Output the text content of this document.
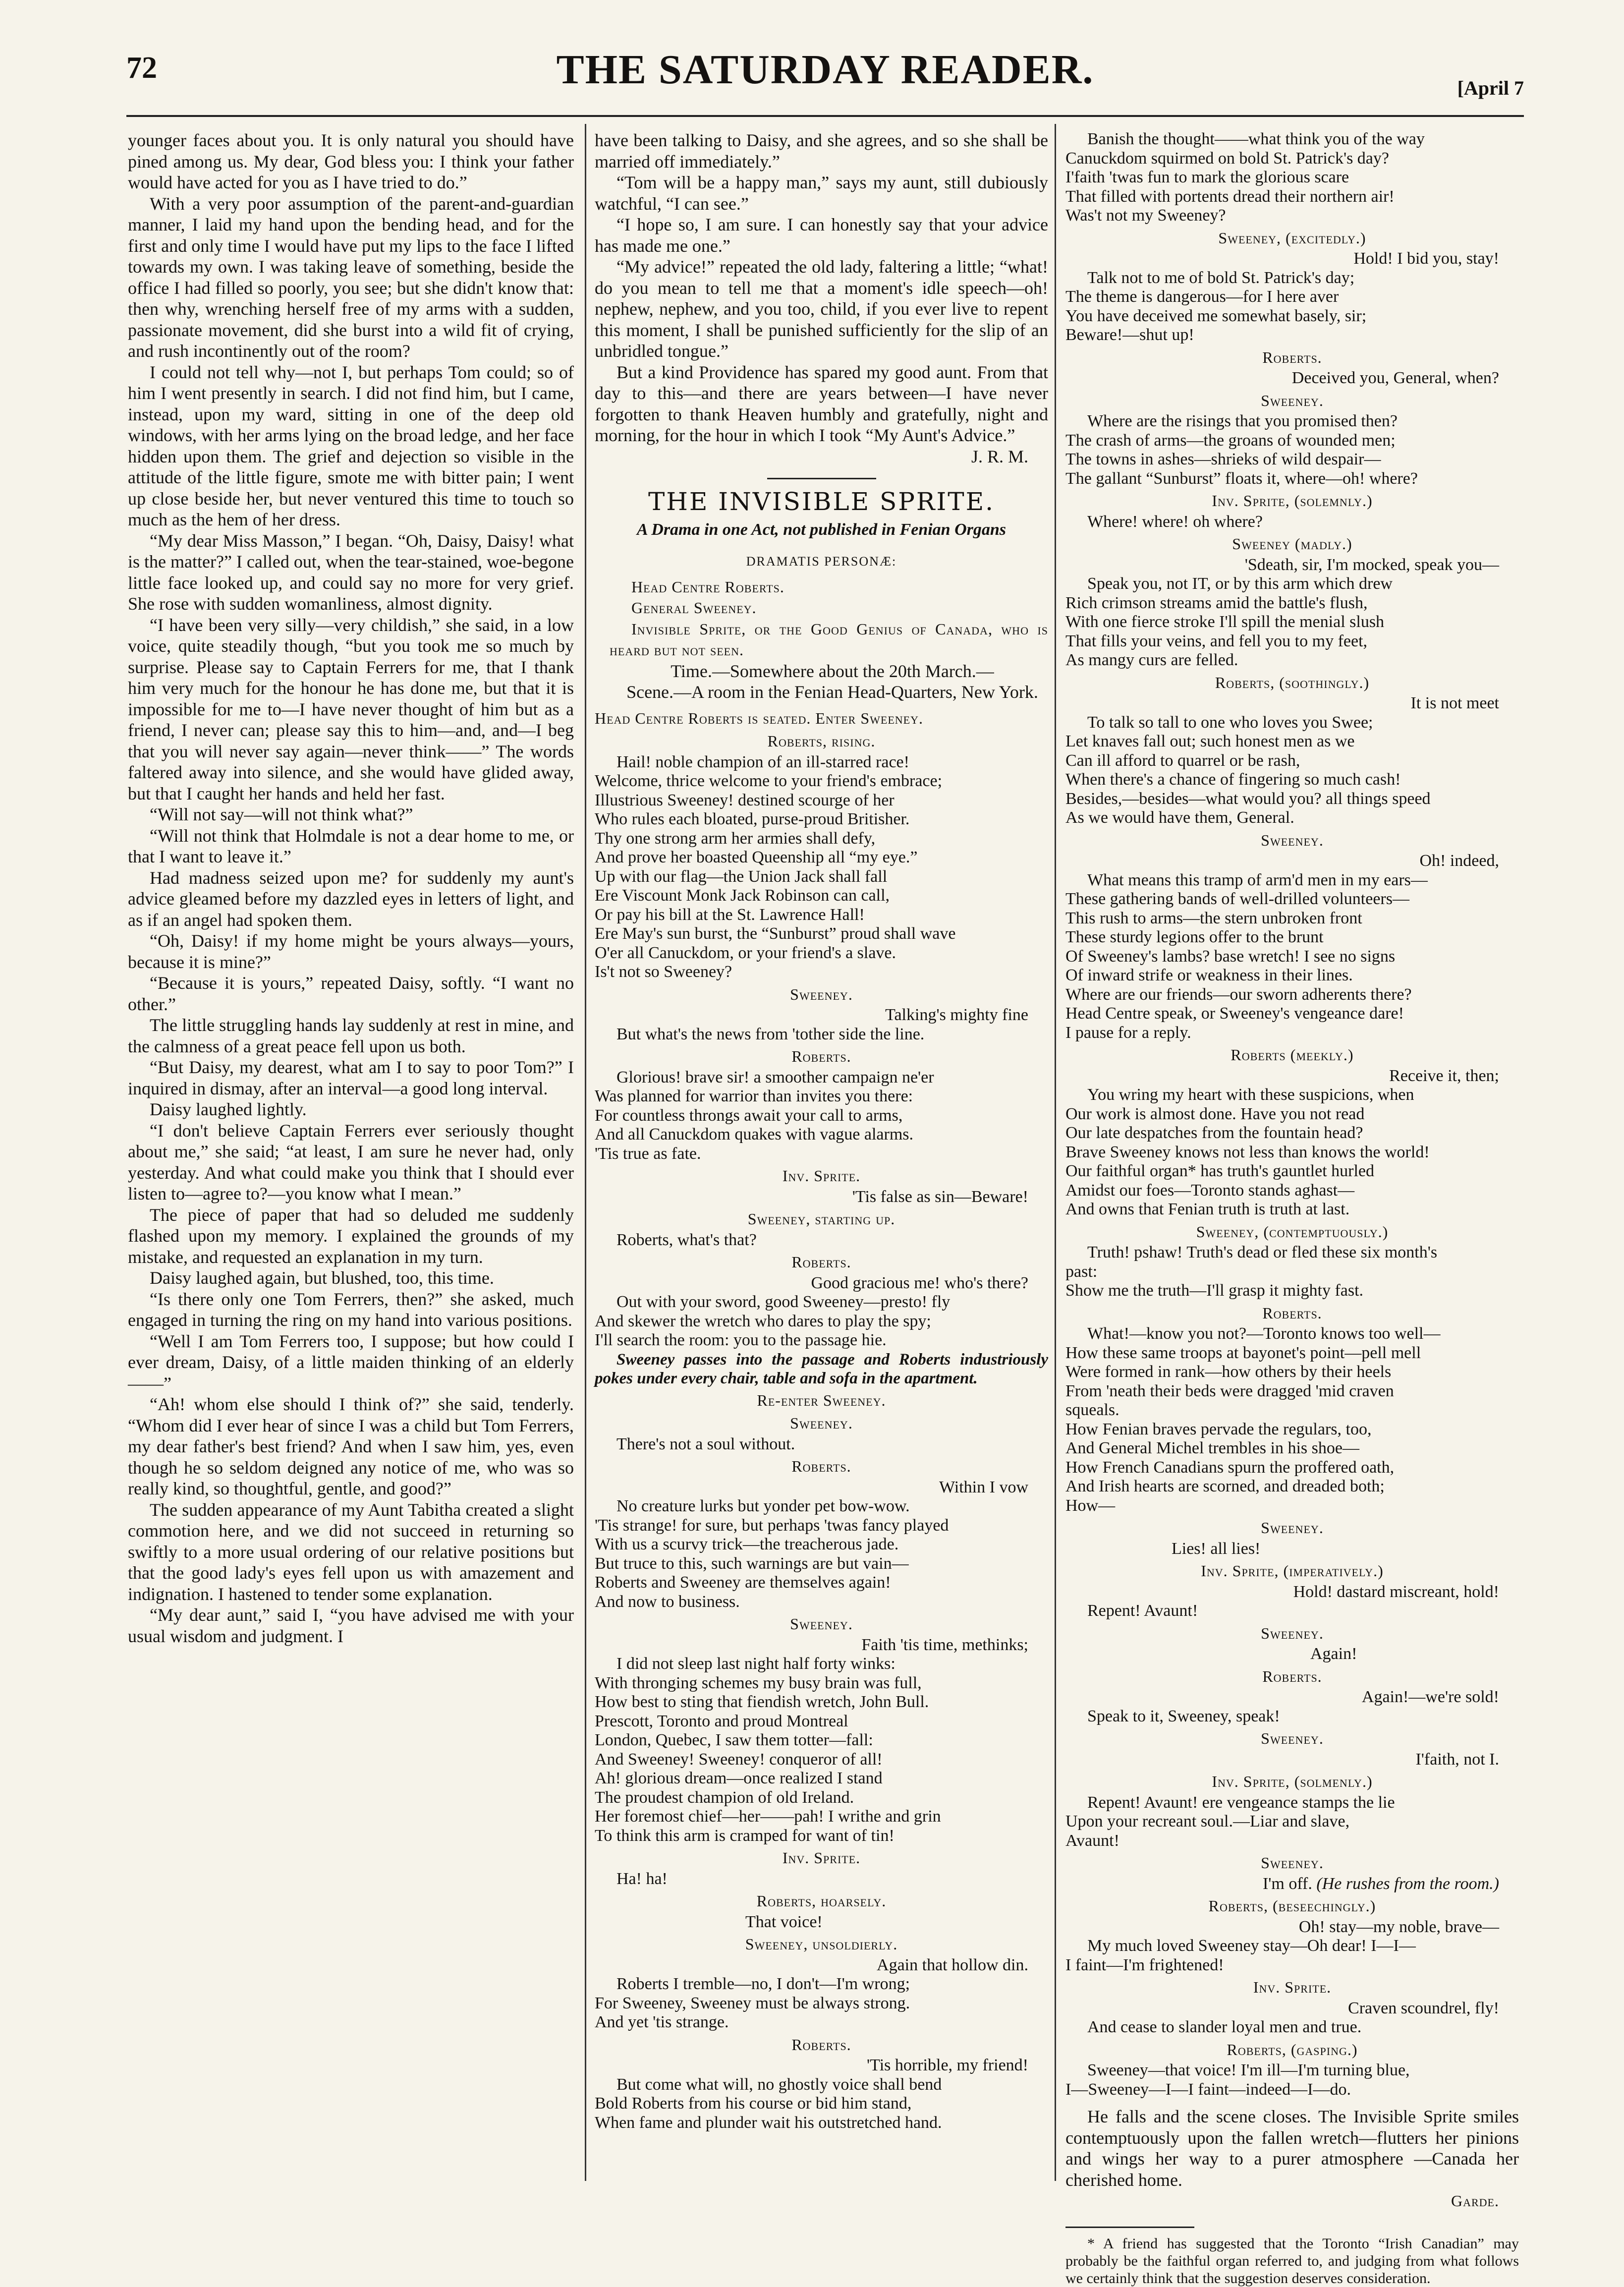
72	THE SATURDAY READER.	[April 7

younger faces about you. It is only natural you should have pined among us. My dear, God bless you: I think your father would have acted for you as I have tried to do.”

With a very poor assumption of the parent-and-guardian manner, I laid my hand upon the bending head, and for the first and only time I would have put my lips to the face I lifted towards my own. I was taking leave of something, beside the office I had filled so poorly, you see; but she didn't know that: then why, wrenching herself free of my arms with a sudden, passionate movement, did she burst into a wild fit of crying, and rush incontinently out of the room?

I could not tell why—not I, but perhaps Tom could; so of him I went presently in search. I did not find him, but I came, instead, upon my ward, sitting in one of the deep old windows, with her arms lying on the broad ledge, and her face hidden upon them. The grief and dejection so visible in the attitude of the little figure, smote me with bitter pain; I went up close beside her, but never ventured this time to touch so much as the hem of her dress.

“My dear Miss Masson,” I began. “Oh, Daisy, Daisy! what is the matter?” I called out, when the tear-stained, woe-begone little face looked up, and could say no more for very grief. She rose with sudden womanliness, almost dignity.

“I have been very silly—very childish,” she said, in a low voice, quite steadily though, “but you took me so much by surprise. Please say to Captain Ferrers for me, that I thank him very much for the honour he has done me, but that it is impossible for me to—I have never thought of him but as a friend, I never can; please say this to him—and, and—I beg that you will never say again—never think——” The words faltered away into silence, and she would have glided away, but that I caught her hands and held her fast.

“Will not say—will not think what?”

“Will not think that Holmdale is not a dear home to me, or that I want to leave it.”

Had madness seized upon me? for suddenly my aunt's advice gleamed before my dazzled eyes in letters of light, and as if an angel had spoken them.

“Oh, Daisy! if my home might be yours always—yours, because it is mine?”

“Because it is yours,” repeated Daisy, softly. “I want no other.”

The little struggling hands lay suddenly at rest in mine, and the calmness of a great peace fell upon us both.

“But Daisy, my dearest, what am I to say to poor Tom?” I inquired in dismay, after an interval—a good long interval.

Daisy laughed lightly.

“I don't believe Captain Ferrers ever seriously thought about me,” she said; “at least, I am sure he never had, only yesterday. And what could make you think that I should ever listen to—agree to?—you know what I mean.”

The piece of paper that had so deluded me suddenly flashed upon my memory. I explained the grounds of my mistake, and requested an explanation in my turn.

Daisy laughed again, but blushed, too, this time.

“Is there only one Tom Ferrers, then?” she asked, much engaged in turning the ring on my hand into various positions.

“Well I am Tom Ferrers too, I suppose; but how could I ever dream, Daisy, of a little maiden thinking of an elderly——”

“Ah! whom else should I think of?” she said, tenderly. “Whom did I ever hear of since I was a child but Tom Ferrers, my dear father's best friend? And when I saw him, yes, even though he so seldom deigned any notice of me, who was so really kind, so thoughtful, gentle, and good?”

The sudden appearance of my Aunt Tabitha created a slight commotion here, and we did not succeed in returning so swiftly to a more usual ordering of our relative positions but that the good lady's eyes fell upon us with amazement and indignation. I hastened to tender some explanation.

“My dear aunt,” said I, “you have advised me with your usual wisdom and judgment. I

have been talking to Daisy, and she agrees, and so she shall be married off immediately.”

“Tom will be a happy man,” says my aunt, still dubiously watchful, “I can see.”

“I hope so, I am sure. I can honestly say that your advice has made me one.”

“My advice!” repeated the old lady, faltering a little; “what! do you mean to tell me that a moment's idle speech—oh! nephew, nephew, and you too, child, if you ever live to repent this moment, I shall be punished sufficiently for the slip of an unbridled tongue.”

But a kind Providence has spared my good aunt. From that day to this—and there are years between—I have never forgotten to thank Heaven humbly and gratefully, night and morning, for the hour in which I took “My Aunt's Advice.”

J. R. M.

THE INVISIBLE SPRITE.
A Drama in one Act, not published in Fenian Organs
DRAMATIS PERSONÆ:

Head Centre Roberts.

General Sweeney.

Invisible Sprite, or the Good Genius of Canada, who is heard but not seen.

Time.—Somewhere about the 20th March.—

Scene.—A room in the Fenian Head-Quarters, New York.

Head Centre Roberts is seated. Enter Sweeney.

Roberts, rising.

Hail! noble champion of an ill-starred race!
Welcome, thrice welcome to your friend's embrace;
Illustrious Sweeney! destined scourge of her
Who rules each bloated, purse-proud Britisher.
Thy one strong arm her armies shall defy,
And prove her boasted Queenship all “my eye.”
Up with our flag—the Union Jack shall fall
Ere Viscount Monk Jack Robinson can call,
Or pay his bill at the St. Lawrence Hall!
Ere May's sun burst, the “Sunburst” proud shall wave
O'er all Canuckdom, or your friend's a slave.
Is't not so Sweeney?

Sweeney.

Talking's mighty fine

But what's the news from 'tother side the line.

Roberts.

Glorious! brave sir! a smoother campaign ne'er
Was planned for warrior than invites you there:
For countless throngs await your call to arms,
And all Canuckdom quakes with vague alarms.
'Tis true as fate.

Inv. Sprite.

'Tis false as sin—Beware!

Sweeney, starting up.

Roberts, what's that?

Roberts.

Good gracious me! who's there?

Out with your sword, good Sweeney—presto! fly
And skewer the wretch who dares to play the spy;
I'll search the room: you to the passage hie.

Sweeney passes into the passage and Roberts industriously pokes under every chair, table and sofa in the apartment.

Re-enter Sweeney.
Sweeney.

There's not a soul without.

Roberts.

Within I vow

No creature lurks but yonder pet bow-wow.
'Tis strange! for sure, but perhaps 'twas fancy played
With us a scurvy trick—the treacherous jade.
But truce to this, such warnings are but vain—
Roberts and Sweeney are themselves again!
And now to business.

Sweeney.

Faith 'tis time, methinks;

I did not sleep last night half forty winks:
With thronging schemes my busy brain was full,
How best to sting that fiendish wretch, John Bull.
Prescott, Toronto and proud Montreal
London, Quebec, I saw them totter—fall:
And Sweeney! Sweeney! conqueror of all!
Ah! glorious dream—once realized I stand
The proudest champion of old Ireland.
Her foremost chief—her——pah! I writhe and grin
To think this arm is cramped for want of tin!

Inv. Sprite.

Ha! ha!

Roberts, hoarsely.

That voice!

Sweeney, unsoldierly.

Again that hollow din.

Roberts I tremble—no, I don't—I'm wrong;
For Sweeney, Sweeney must be always strong.
And yet 'tis strange.

Roberts.

'Tis horrible, my friend!

But come what will, no ghostly voice shall bend
Bold Roberts from his course or bid him stand,
When fame and plunder wait his outstretched hand.

Banish the thought——what think you of the way
Canuckdom squirmed on bold St. Patrick's day?
I'faith 'twas fun to mark the glorious scare
That filled with portents dread their northern air!
Was't not my Sweeney?

Sweeney, (excitedly.)

Hold! I bid you, stay!

Talk not to me of bold St. Patrick's day;
The theme is dangerous—for I here aver
You have deceived me somewhat basely, sir;
Beware!—shut up!

Roberts.

Deceived you, General, when?

Sweeney.

Where are the risings that you promised then?
The crash of arms—the groans of wounded men;
The towns in ashes—shrieks of wild despair—
The gallant “Sunburst” floats it, where—oh! where?

Inv. Sprite, (solemnly.)

Where! where! oh where?

Sweeney (madly.)

'Sdeath, sir, I'm mocked, speak you—

Speak you, not IT, or by this arm which drew
Rich crimson streams amid the battle's flush,
With one fierce stroke I'll spill the menial slush
That fills your veins, and fell you to my feet,
As mangy curs are felled.

Roberts, (soothingly.)

It is not meet

To talk so tall to one who loves you Swee;
Let knaves fall out; such honest men as we
Can ill afford to quarrel or be rash,
When there's a chance of fingering so much cash!
Besides,—besides—what would you? all things speed
As we would have them, General.

Sweeney.

Oh! indeed,

What means this tramp of arm'd men in my ears—
These gathering bands of well-drilled volunteers—
This rush to arms—the stern unbroken front
These sturdy legions offer to the brunt
Of Sweeney's lambs? base wretch! I see no signs
Of inward strife or weakness in their lines.
Where are our friends—our sworn adherents there?
Head Centre speak, or Sweeney's vengeance dare!
I pause for a reply.

Roberts (meekly.)

Receive it, then;

You wring my heart with these suspicions, when
Our work is almost done. Have you not read
Our late despatches from the fountain head?
Brave Sweeney knows not less than knows the world!
Our faithful organ* has truth's gauntlet hurled
Amidst our foes—Toronto stands aghast—
And owns that Fenian truth is truth at last.

Sweeney, (contemptuously.)

Truth! pshaw! Truth's dead or fled these six month's
past:
Show me the truth—I'll grasp it mighty fast.

Roberts.

What!—know you not?—Toronto knows too well—
How these same troops at bayonet's point—pell mell
Were formed in rank—how others by their heels
From 'neath their beds were dragged 'mid craven
squeals.
How Fenian braves pervade the regulars, too,
And General Michel trembles in his shoe—
How French Canadians spurn the proffered oath,
And Irish hearts are scorned, and dreaded both;
How—

Sweeney.

Lies! all lies!

Inv. Sprite, (imperatively.)

Hold! dastard miscreant, hold!

Repent! Avaunt!

Sweeney.

Again!

Roberts.

Again!—we're sold!

Speak to it, Sweeney, speak!

Sweeney.

I'faith, not I.

Inv. Sprite, (solmenly.)

Repent! Avaunt! ere vengeance stamps the lie
Upon your recreant soul.—Liar and slave,
Avaunt!

Sweeney.

I'm off. (He rushes from the room.)

Roberts, (beseechingly.)

Oh! stay—my noble, brave—

My much loved Sweeney stay—Oh dear! I—I—
I faint—I'm frightened!

Inv. Sprite.

Craven scoundrel, fly!

And cease to slander loyal men and true.

Roberts, (gasping.)

Sweeney—that voice! I'm ill—I'm turning blue,
I—Sweeney—I—I faint—indeed—I—do.

He falls and the scene closes. The Invisible Sprite smiles contemptuously upon the fallen wretch—flutters her pinions and wings her way to a purer atmosphere —Canada her cherished home.

Garde.

* A friend has suggested that the Toronto “Irish Canadian” may probably be the faithful organ referred to, and judging from what follows we certainly think that the suggestion deserves consideration.
